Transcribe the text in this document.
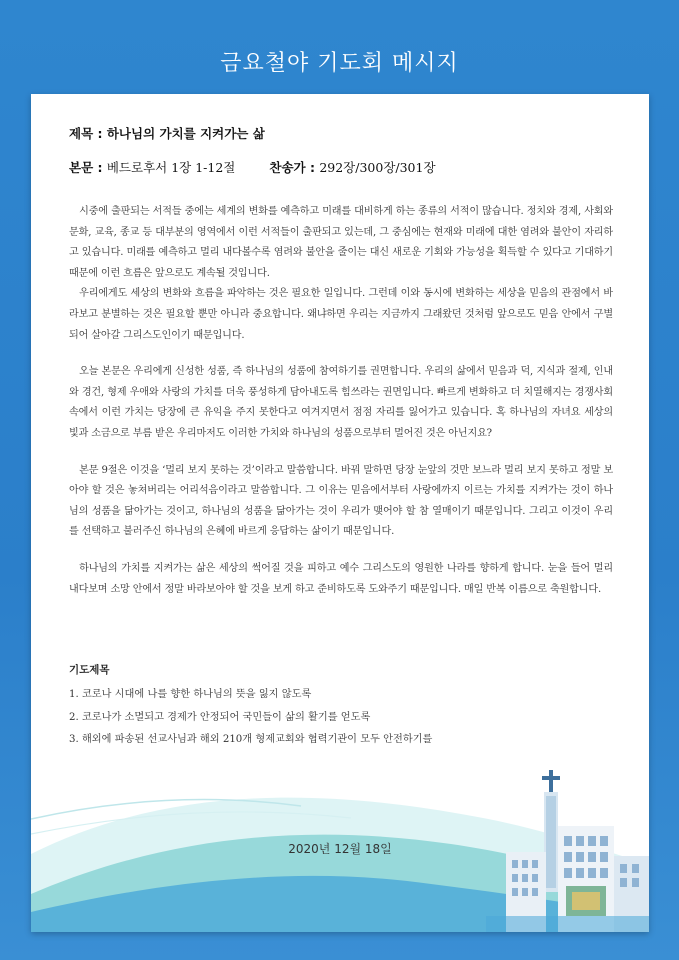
금요철야 기도회 메시지
제목 : 하나님의 가치를 지켜가는 삶
본문 : 베드로후서 1장 1-12절	찬송가 : 292장/300장/301장

시중에 출판되는 서적들 중에는 세계의 변화를 예측하고 미래를 대비하게 하는 종류의 서적이 많습니다. 정치와 경제, 사회와 문화, 교육, 종교 등 대부분의 영역에서 이런 서적들이 출판되고 있는데, 그 중심에는 현재와 미래에 대한 염려와 불안이 자리하고 있습니다. 미래를 예측하고 멀리 내다볼수록 염려와 불안을 줄이는 대신 새로운 기회와 가능성을 획득할 수 있다고 기대하기 때문에 이런 흐름은 앞으로도 계속될 것입니다.

우리에게도 세상의 변화와 흐름을 파악하는 것은 필요한 일입니다. 그런데 이와 동시에 변화하는 세상을 믿음의 관점에서 바라보고 분별하는 것은 필요할 뿐만 아니라 중요합니다. 왜냐하면 우리는 지금까지 그래왔던 것처럼 앞으로도 믿음 안에서 구별되어 살아갈 그리스도인이기 때문입니다.

오늘 본문은 우리에게 신성한 성품, 즉 하나님의 성품에 참여하기를 권면합니다. 우리의 삶에서 믿음과 덕, 지식과 절제, 인내와 경건, 형제 우애와 사랑의 가치를 더욱 풍성하게 담아내도록 힘쓰라는 권면입니다. 빠르게 변화하고 더 치열해지는 경쟁사회 속에서 이런 가치는 당장에 큰 유익을 주지 못한다고 여겨지면서 점점 자리를 잃어가고 있습니다. 혹 하나님의 자녀요 세상의 빛과 소금으로 부름 받은 우리마저도 이러한 가치와 하나님의 성품으로부터 멀어진 것은 아닌지요?

본문 9절은 이것을 ‘멀리 보지 못하는 것’이라고 말씀합니다. 바꿔 말하면 당장 눈앞의 것만 보느라 멀리 보지 못하고 정말 보아야 할 것은 놓쳐버리는 어리석음이라고 말씀합니다. 그 이유는 믿음에서부터 사랑에까지 이르는 가치를 지켜가는 것이 하나님의 성품을 닮아가는 것이고, 하나님의 성품을 닮아가는 것이 우리가 맺어야 할 참 열매이기 때문입니다. 그리고 이것이 우리를 선택하고 불러주신 하나님의 은혜에 바르게 응답하는 삶이기 때문입니다.

하나님의 가치를 지켜가는 삶은 세상의 썩어질 것을 피하고 예수 그리스도의 영원한 나라를 향하게 합니다. 눈을 들어 멀리 내다보며 소망 안에서 정말 바라보아야 할 것을 보게 하고 준비하도록 도와주기 때문입니다. 매일 반복 이름으로 축원합니다.

기도제목
1. 코로나 시대에 나를 향한 하나님의 뜻을 잃지 않도록
2. 코로나가 소멸되고 경제가 안정되어 국민들이 삶의 활기를 얻도록
3. 해외에 파송된 선교사님과 해외 210개 형제교회와 협력기관이 모두 안전하기를
2020년 12월 18일
